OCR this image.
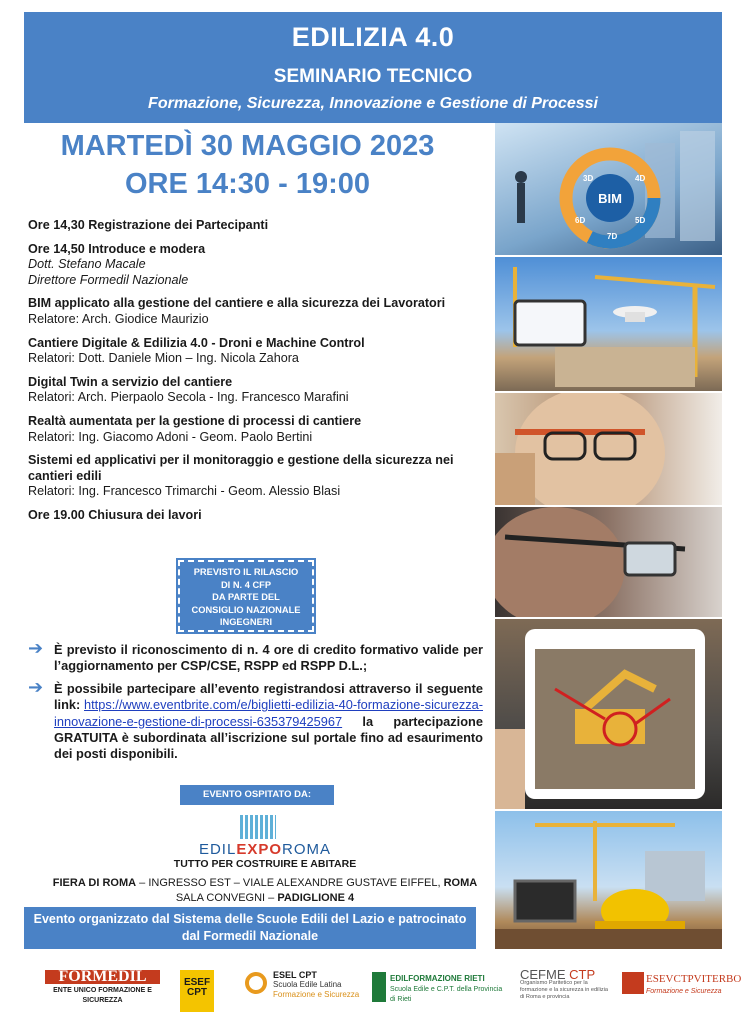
EDILIZIA 4.0
SEMINARIO TECNICO
Formazione, Sicurezza, Innovazione e Gestione di Processi
MARTEDÌ 30 MAGGIO 2023
ORE 14:30 - 19:00
Ore 14,30 Registrazione dei Partecipanti
Ore 14,50 Introduce e modera
Dott. Stefano Macale
Direttore Formedil Nazionale
BIM applicato alla gestione del cantiere e alla sicurezza dei Lavoratori
Relatore: Arch. Giodice Maurizio
Cantiere Digitale & Edilizia 4.0 - Droni e Machine Control
Relatori: Dott. Daniele Mion – Ing. Nicola Zahora
Digital Twin a servizio del cantiere
Relatori: Arch. Pierpaolo Secola - Ing. Francesco Marafini
Realtà aumentata per la gestione di processi di cantiere
Relatori: Ing. Giacomo Adoni - Geom. Paolo Bertini
Sistemi ed applicativi per il monitoraggio e gestione della sicurezza nei cantieri edili
Relatori: Ing. Francesco Trimarchi - Geom. Alessio Blasi
Ore 19.00 Chiusura dei lavori
PREVISTO IL RILASCIO
DI N. 4 CFP
DA PARTE DEL
CONSIGLIO NAZIONALE
INGEGNERI
➔ È previsto il riconoscimento di n. 4 ore di credito formativo valide per l’aggiornamento per CSP/CSE, RSPP ed RSPP D.L.;
➔ È possibile partecipare all’evento registrandosi attraverso il seguente link: https://www.eventbrite.com/e/biglietti-edilizia-40-formazione-sicurezza-innovazione-e-gestione-di-processi-635379425967 la partecipazione GRATUITA è subordinata all’iscrizione sul portale fino ad esaurimento dei posti disponibili.
EVENTO OSPITATO DA:
EDILEXPOROMA
TUTTO PER COSTRUIRE E ABITARE
FIERA DI ROMA – INGRESSO EST – VIALE ALEXANDRE GUSTAVE EIFFEL, ROMA
SALA CONVEGNI – PADIGLIONE 4
Evento organizzato dal Sistema delle Scuole Edili del Lazio e patrocinato dal Formedil Nazionale
BIM
3D	4D
5D
6D
7D
FORMEDIL
ENTE UNICO FORMAZIONE E SICUREZZA
ESEF CPT
ESEL CPT
Scuola Edile Latina
Formazione e Sicurezza
EDILFORMAZIONE RIETI
Scuola Edile e C.P.T. della Provincia di Rieti
CEFME CTP
Organismo Paritetico per la formazione e la sicurezza in edilizia di Roma e provincia
ESEVCTPVITERBO
Formazione e Sicurezza
